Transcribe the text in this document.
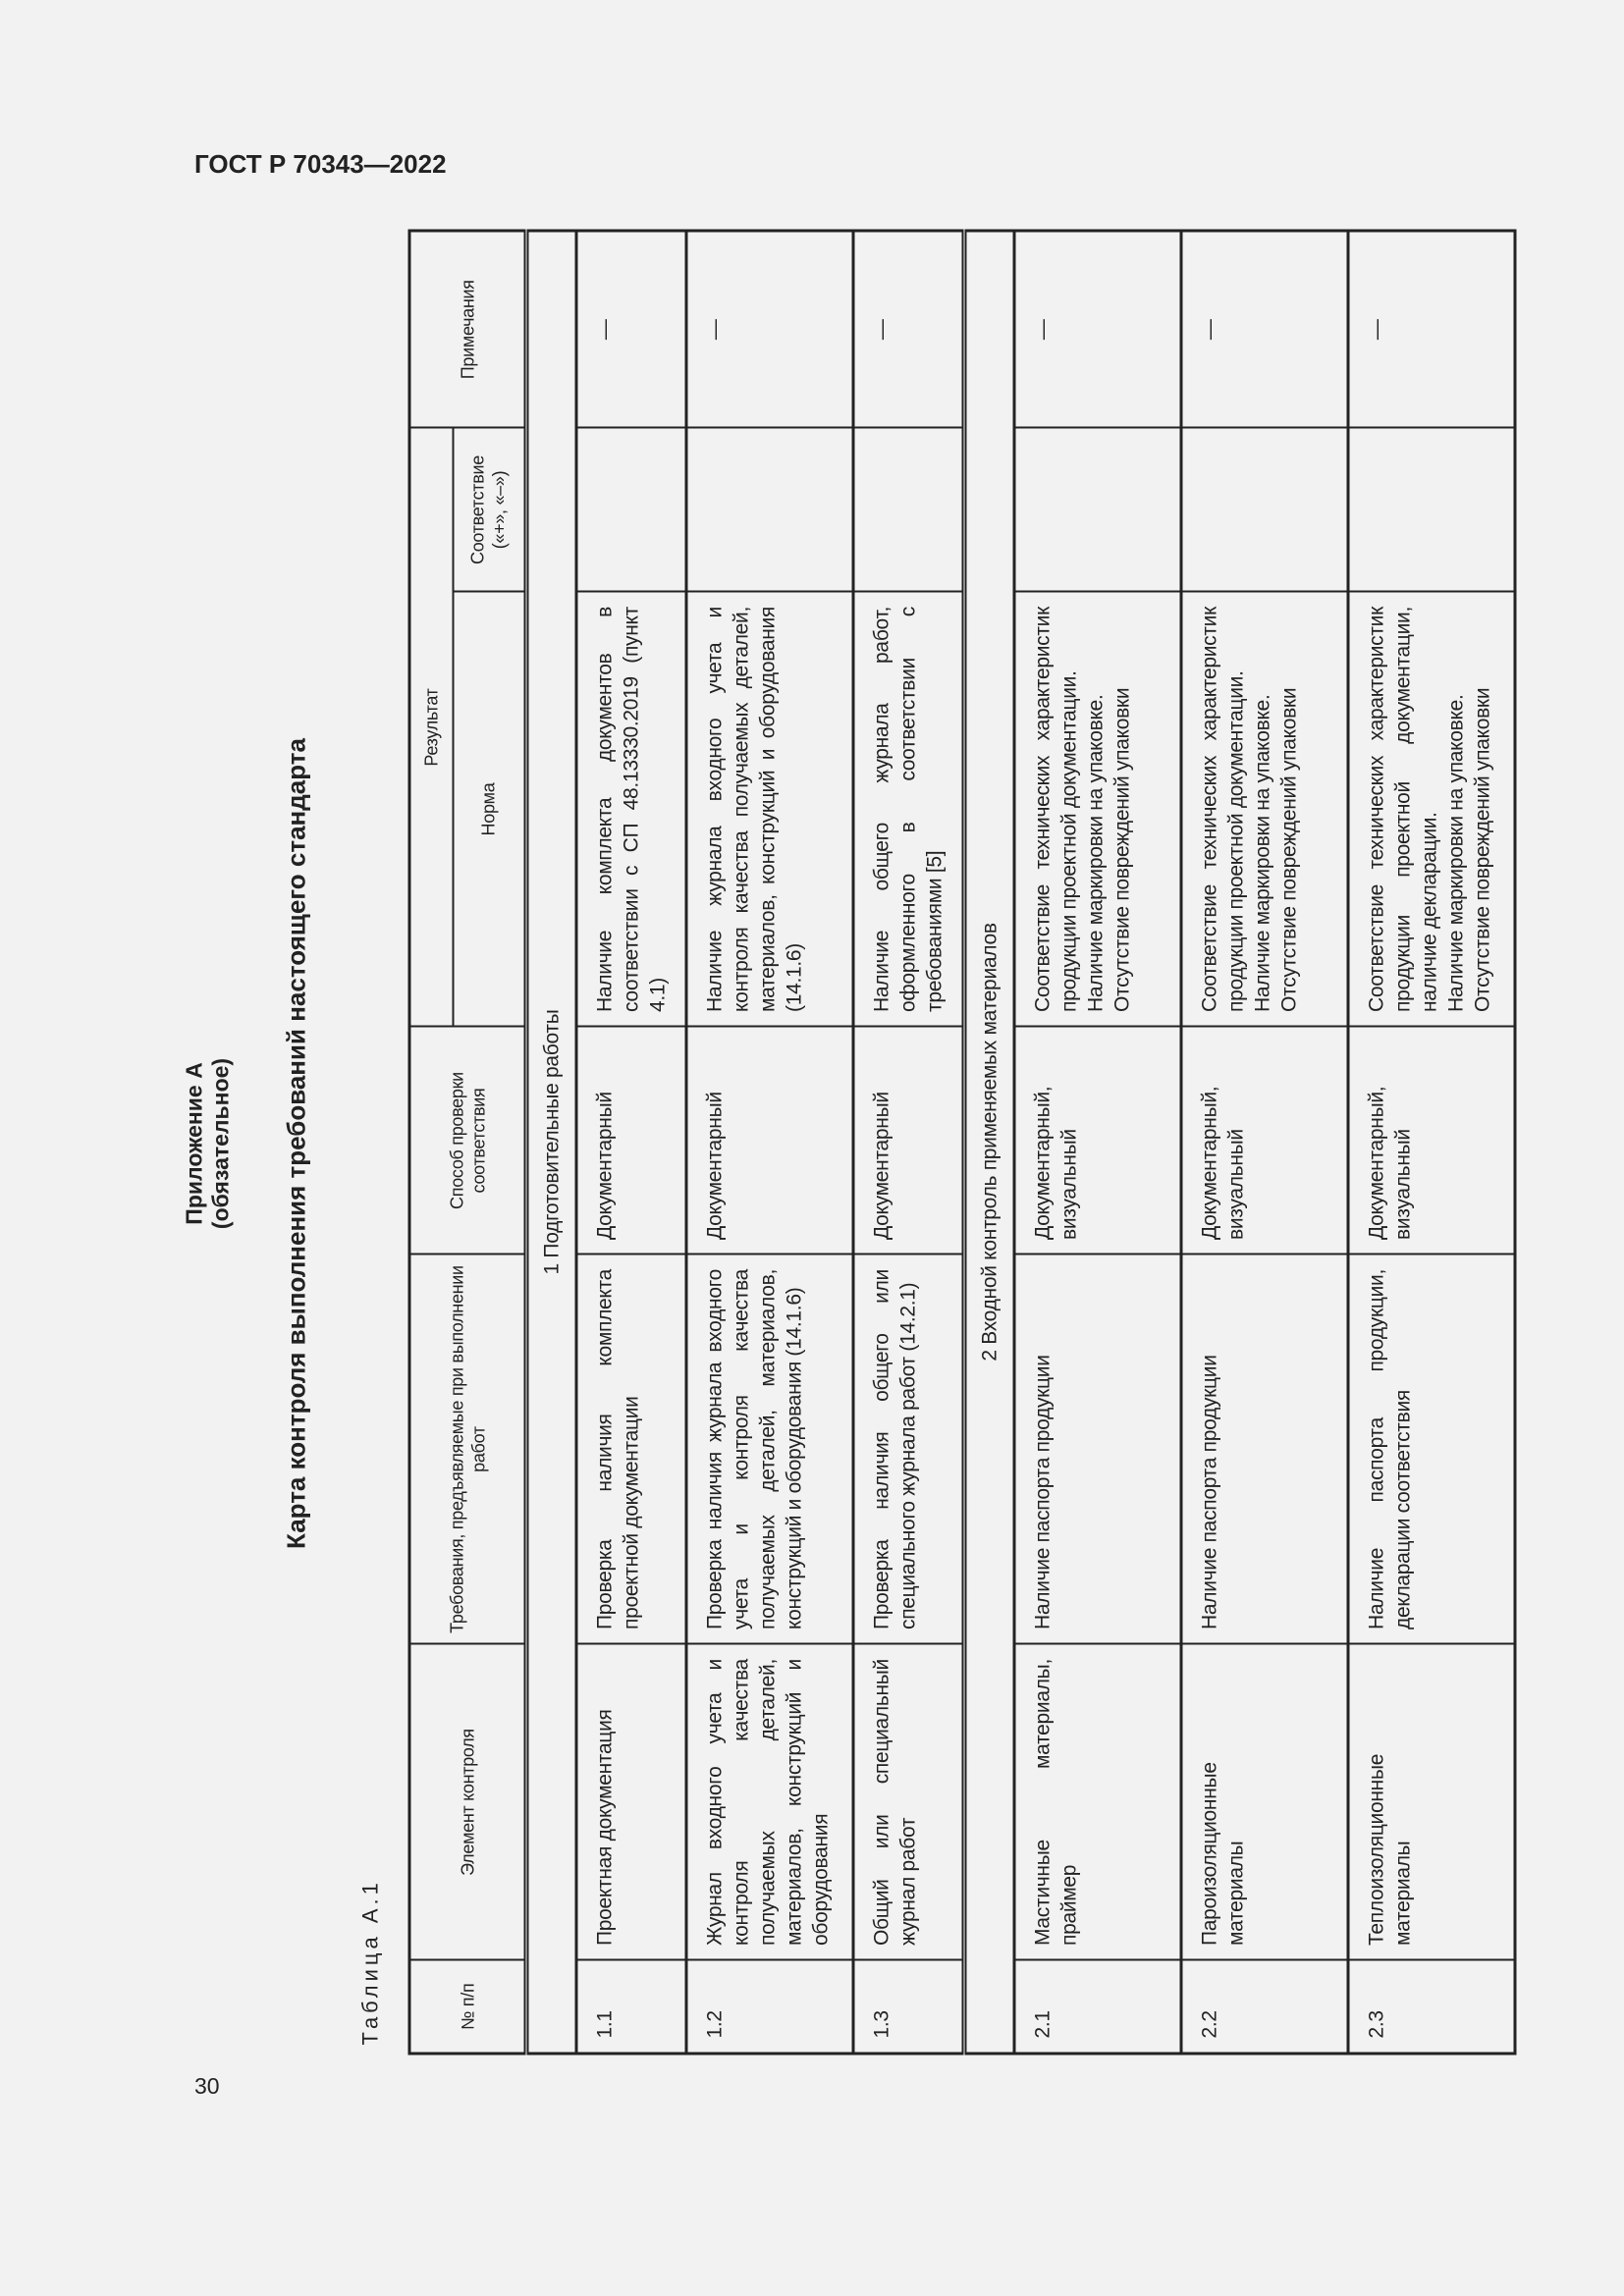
ГОСТ Р 70343—2022
30
Приложение А (обязательное) Карта контроля выполнения требований настоящего стандарта
Таблица А.1	№ п/п	Элемент контроля	Требования, предъявляемые при выполнении работ	Способ проверки соответствия	Результат		Примечания
				Норма	Соответствие («+», «–»)	
1 Подготовительные работы						
1.1	Проектная документация	Проверка наличия комплекта проектной документации	Документарный	Наличие комплекта документов в соответствии с СП 48.13330.2019 (пункт 4.1)		—
1.2	Журнал входного учета и контроля качества получаемых деталей, материалов, конструкций и оборудования	Проверка наличия журнала входного учета и контроля качества получаемых деталей, материалов, конструкций и оборудования (14.1.6)	Документарный	Наличие журнала входного учета и контроля качества получаемых деталей, материалов, конструкций и оборудования (14.1.6)		—
1.3	Общий или специальный журнал работ	Проверка наличия общего или специального журнала работ (14.2.1)	Документарный	Наличие общего журнала работ, оформленного в соответствии с требованиями [5]		—
2 Входной контроль применяемых материалов						
2.1	Мастичные материалы, праймер	Наличие паспорта продукции	Документарный, визуальный	Соответствие технических характеристик продукции проектной документации. Наличие маркировки на упаковке. Отсутствие повреждений упаковки		—
2.2	Пароизоляционные материалы	Наличие паспорта продукции	Документарный, визуальный	Соответствие технических характеристик продукции проектной документации. Наличие маркировки на упаковке. Отсутствие повреждений упаковки		—
2.3	Теплоизоляционные материалы	Наличие паспорта продукции, декларации соответствия	Документарный, визуальный	Соответствие технических характеристик продукции проектной документации, наличие декларации. Наличие маркировки на упаковке. Отсутствие повреждений упаковки		—
